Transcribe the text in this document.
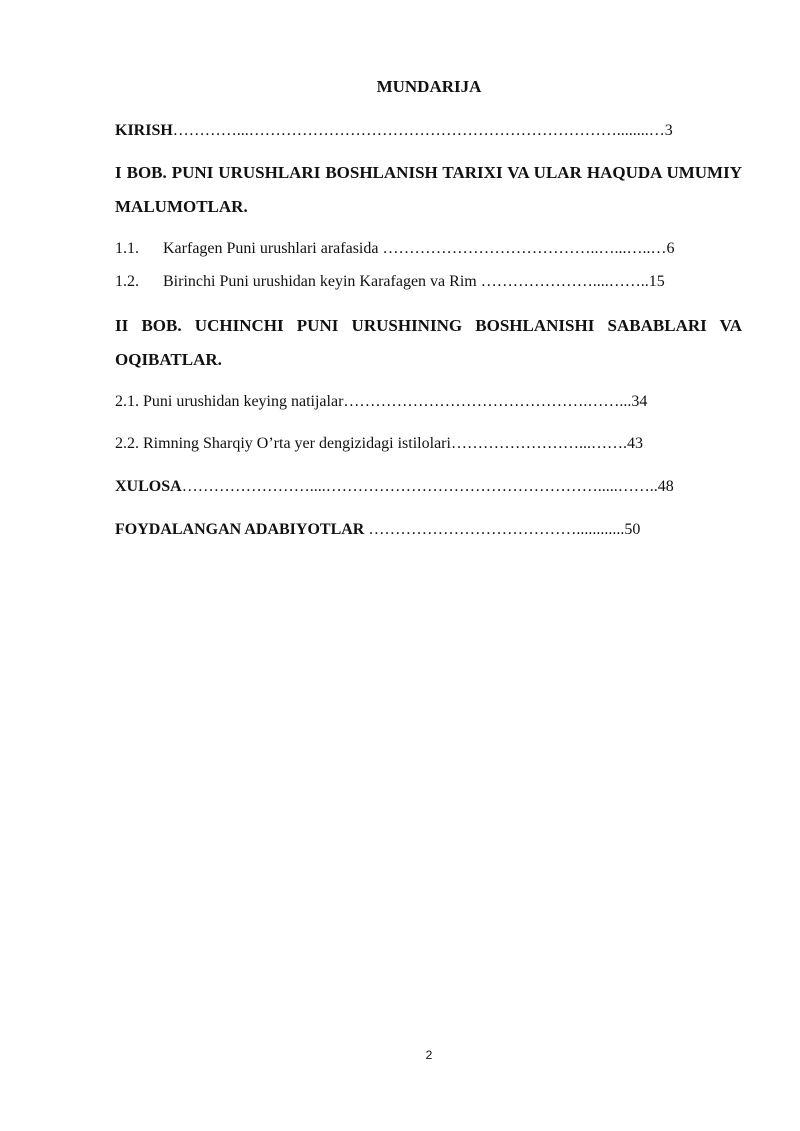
MUNDARIJA
KIRISH…………...……………………………………………………………........…3
I BOB. PUNI URUSHLARI BOSHLANISH TARIXI VA ULAR HAQUDA UMUMIY MALUMOTLAR.
1.1. Karfagen Puni urushlari arafasida …………………………………..…...…..…6
1.2. Birinchi Puni urushidan keyin Karafagen va Rim …………………....……..15
II BOB. UCHINCHI PUNI URUSHINING BOSHLANISHI SABABLARI VA OQIBATLAR.
2.1. Puni urushidan keying natijalar……………………………………….……...34
2.2. Rimning Sharqiy O’rta yer dengizidagi istilolari……………………...…….43
XULOSA……………………....…………………………………………….....……..48
FOYDALANGAN ADABIYOTLAR …………………………………............50
2
